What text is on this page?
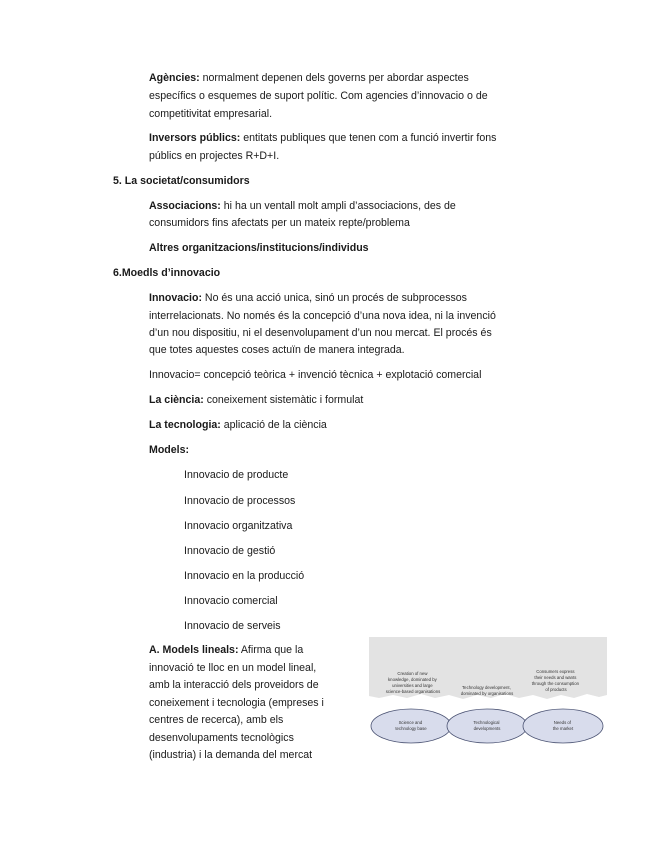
Agències: normalment depenen dels governs per abordar aspectes
específics o esquemes de suport polític. Com agencies d’innovacio o de
competitivitat empresarial.
Inversors públics: entitats publiques que tenen com a funció invertir fons
públics en projectes R+D+I.
5. La societat/consumidors
Associacions: hi ha un ventall molt ampli d’associacions, des de
consumidors fins afectats per un mateix repte/problema
Altres organitzacions/institucions/individus
6.Moedls d’innovacio
Innovacio: No és una acció unica, sinó un procés de subprocessos
interrelacionats. No només és la concepció d’una nova idea, ni la invenció
d’un nou dispositiu, ni el desenvolupament d’un nou mercat. El procés és
que totes aquestes coses actuïn de manera integrada.
Innovacio= concepció teòrica + invenció tècnica + explotació comercial
La ciència: coneixement sistemàtic i formulat
La tecnologia: aplicació de la ciència
Models:
Innovacio de producte
Innovacio de processos
Innovacio organitzativa
Innovacio de gestió
Innovacio en la producció
Innovacio comercial
Innovacio de serveis
A. Models lineals: Afirma que la
innovació te lloc en un model lineal,
amb la interacció dels proveidors de
coneixement i tecnologia (empreses i
centres de recerca), amb els
desenvolupaments tecnològics
(industria) i la demanda del mercat
Creation of new knowledge, dominated by universities and large science-based organisations
Technology development, dominated by organisations
Consumers express their needs and wants through the consumption of products
Science and technology base
Technological developments
Needs of the market
